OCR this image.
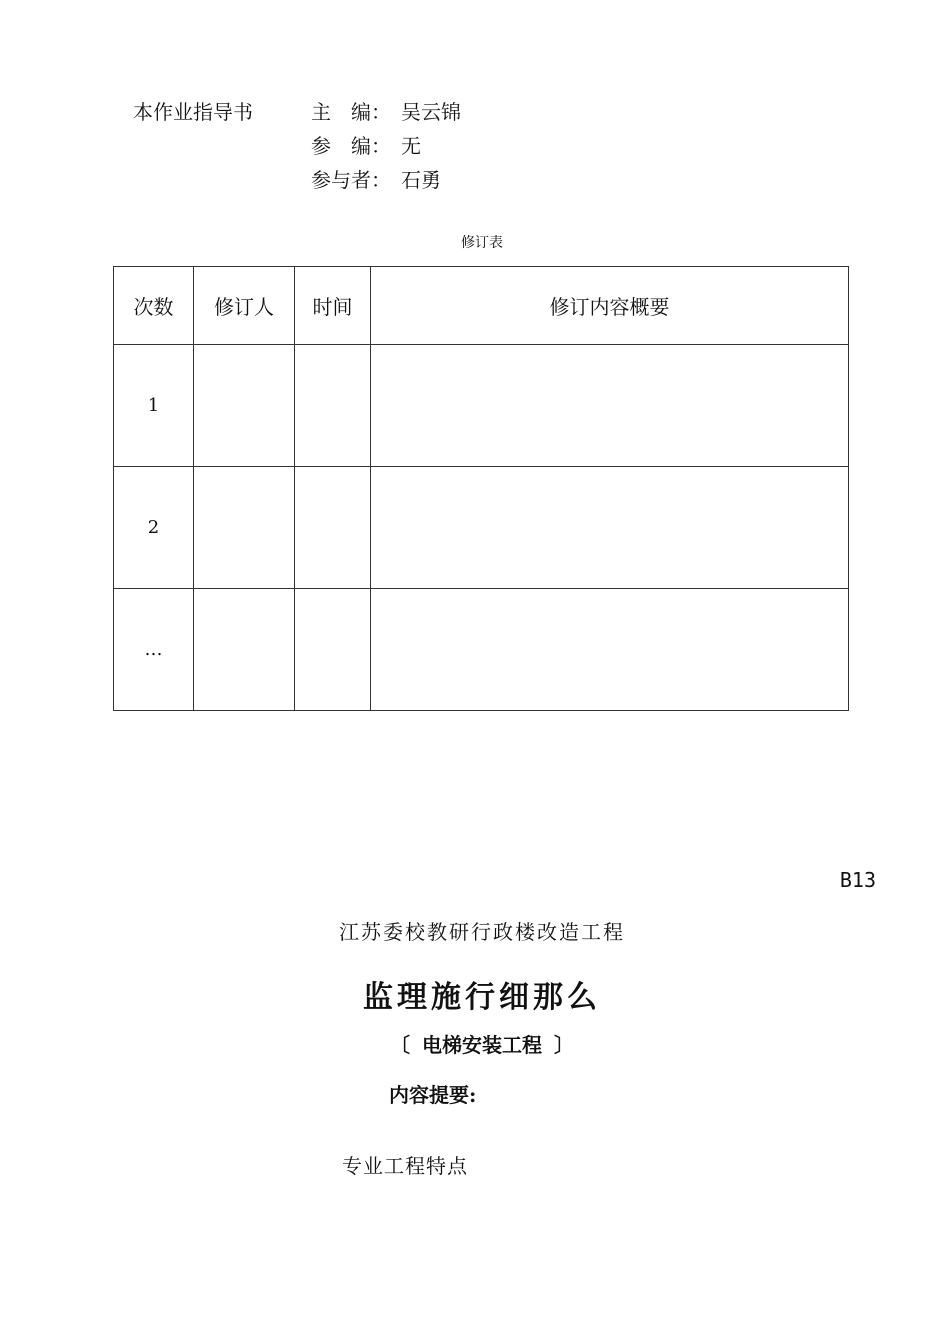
本作业指导书	主　编： 吴云锦
参　编： 无
参与者： 石勇
修订表
次数	修订人	时间	修订内容概要
1			
2			
…			
B13
江苏委校教研行政楼改造工程
监理施行细那么
〔 电梯安装工程 〕
内容提要:
专业工程特点
